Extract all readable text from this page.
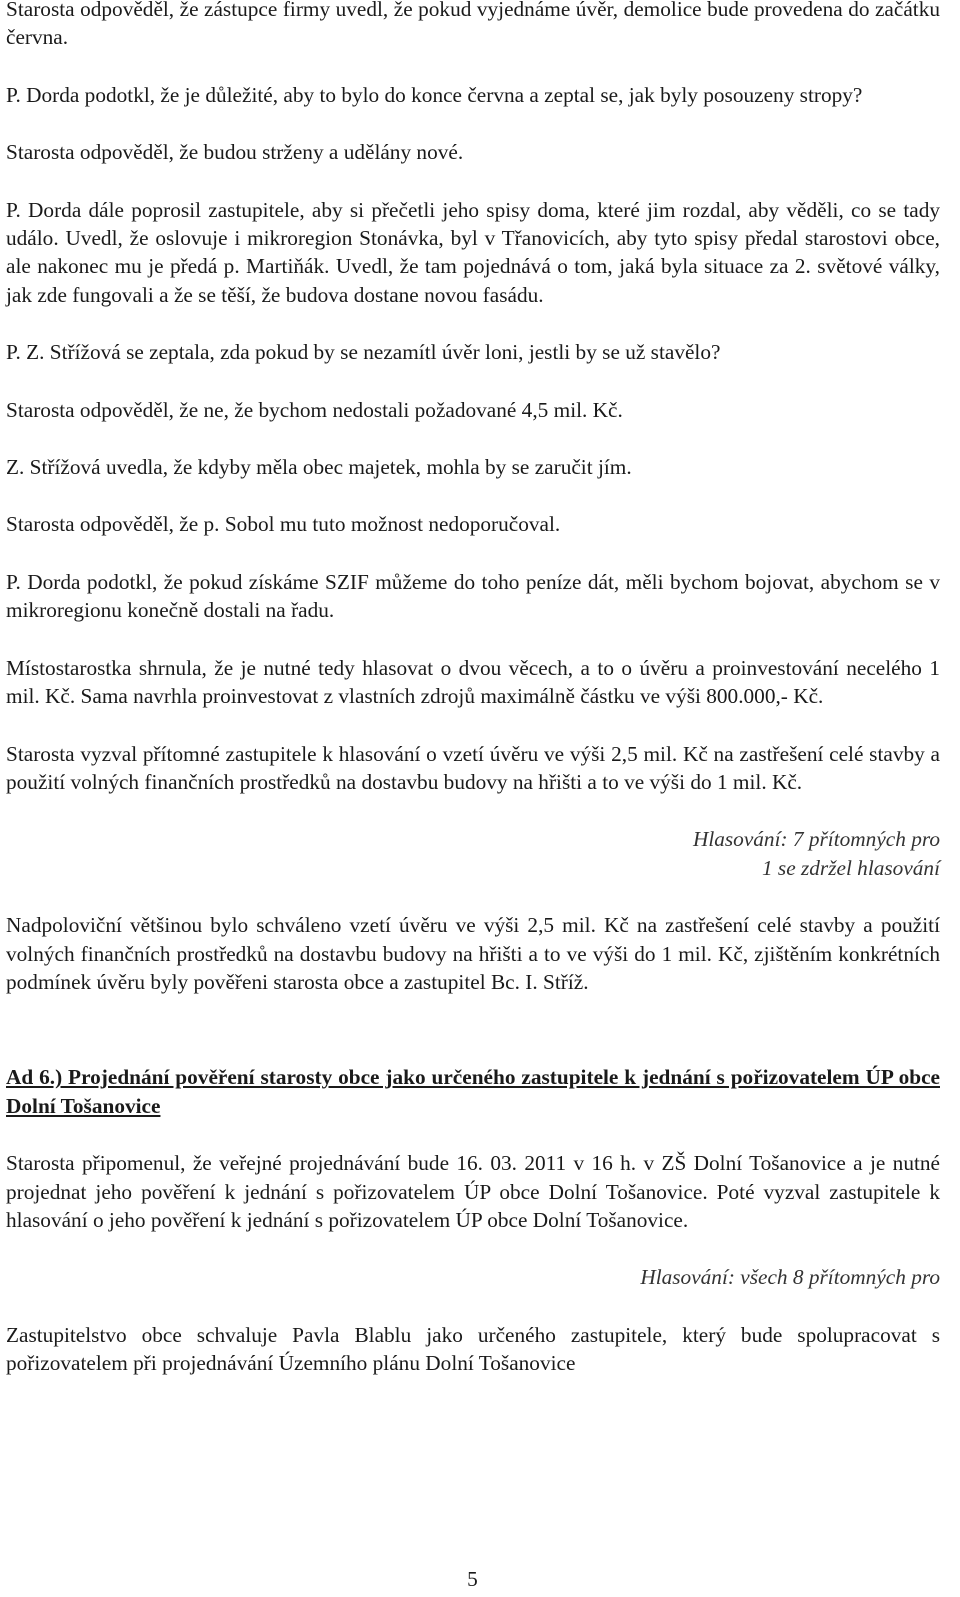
Starosta odpověděl, že zástupce firmy uvedl, že pokud vyjednáme úvěr, demolice bude provedena do začátku června.

P. Dorda podotkl, že je důležité, aby to bylo do konce června a zeptal se, jak byly posouzeny stropy?

Starosta odpověděl, že budou strženy a udělány nové.

P. Dorda dále poprosil zastupitele, aby si přečetli jeho spisy doma, které jim rozdal, aby věděli, co se tady událo. Uvedl, že oslovuje i mikroregion Stonávka, byl v Třanovicích, aby tyto spisy předal starostovi obce, ale nakonec mu je předá p. Martiňák. Uvedl, že tam pojednává o tom, jaká byla situace za 2. světové války, jak zde fungovali a že se těší, že budova dostane novou fasádu.

P. Z. Střížová se zeptala, zda pokud by se nezamítl úvěr loni, jestli by se už stavělo?

Starosta odpověděl, že ne, že bychom nedostali požadované 4,5 mil. Kč.

Z. Střížová uvedla, že kdyby měla obec majetek, mohla by se zaručit jím.

Starosta odpověděl, že p. Sobol mu tuto možnost nedoporučoval.

P. Dorda podotkl, že pokud získáme SZIF můžeme do toho peníze dát, měli bychom bojovat, abychom se v mikroregionu konečně dostali na řadu.

Místostarostka shrnula, že je nutné tedy hlasovat o dvou věcech, a to o úvěru a proinvestování necelého 1 mil. Kč. Sama navrhla proinvestovat z vlastních zdrojů maximálně částku ve výši 800.000,- Kč.

Starosta vyzval přítomné zastupitele k hlasování o vzetí úvěru ve výši 2,5 mil. Kč na zastřešení celé stavby a použití volných finančních prostředků na dostavbu budovy na hřišti a to ve výši do 1 mil. Kč.

Hlasování: 7 přítomných pro
1 se zdržel hlasování

Nadpoloviční většinou bylo schváleno vzetí úvěru ve výši 2,5 mil. Kč na zastřešení celé stavby a použití volných finančních prostředků na dostavbu budovy na hřišti a to ve výši do 1 mil. Kč, zjištěním konkrétních podmínek úvěru byly pověřeni starosta obce a zastupitel Bc. I. Stříž.

Ad 6.) Projednání pověření starosty obce jako určeného zastupitele k jednání s pořizovatelem ÚP obce Dolní Tošanovice

Starosta připomenul, že veřejné projednávání bude 16. 03. 2011 v 16 h. v ZŠ Dolní Tošanovice a je nutné projednat jeho pověření k jednání s pořizovatelem ÚP obce Dolní Tošanovice. Poté vyzval zastupitele k hlasování o jeho pověření k jednání s pořizovatelem ÚP obce Dolní Tošanovice.

Hlasování: všech 8 přítomných pro

Zastupitelstvo obce schvaluje Pavla Blablu jako určeného zastupitele, který bude spolupracovat s pořizovatelem při projednávání Územního plánu Dolní Tošanovice

5
